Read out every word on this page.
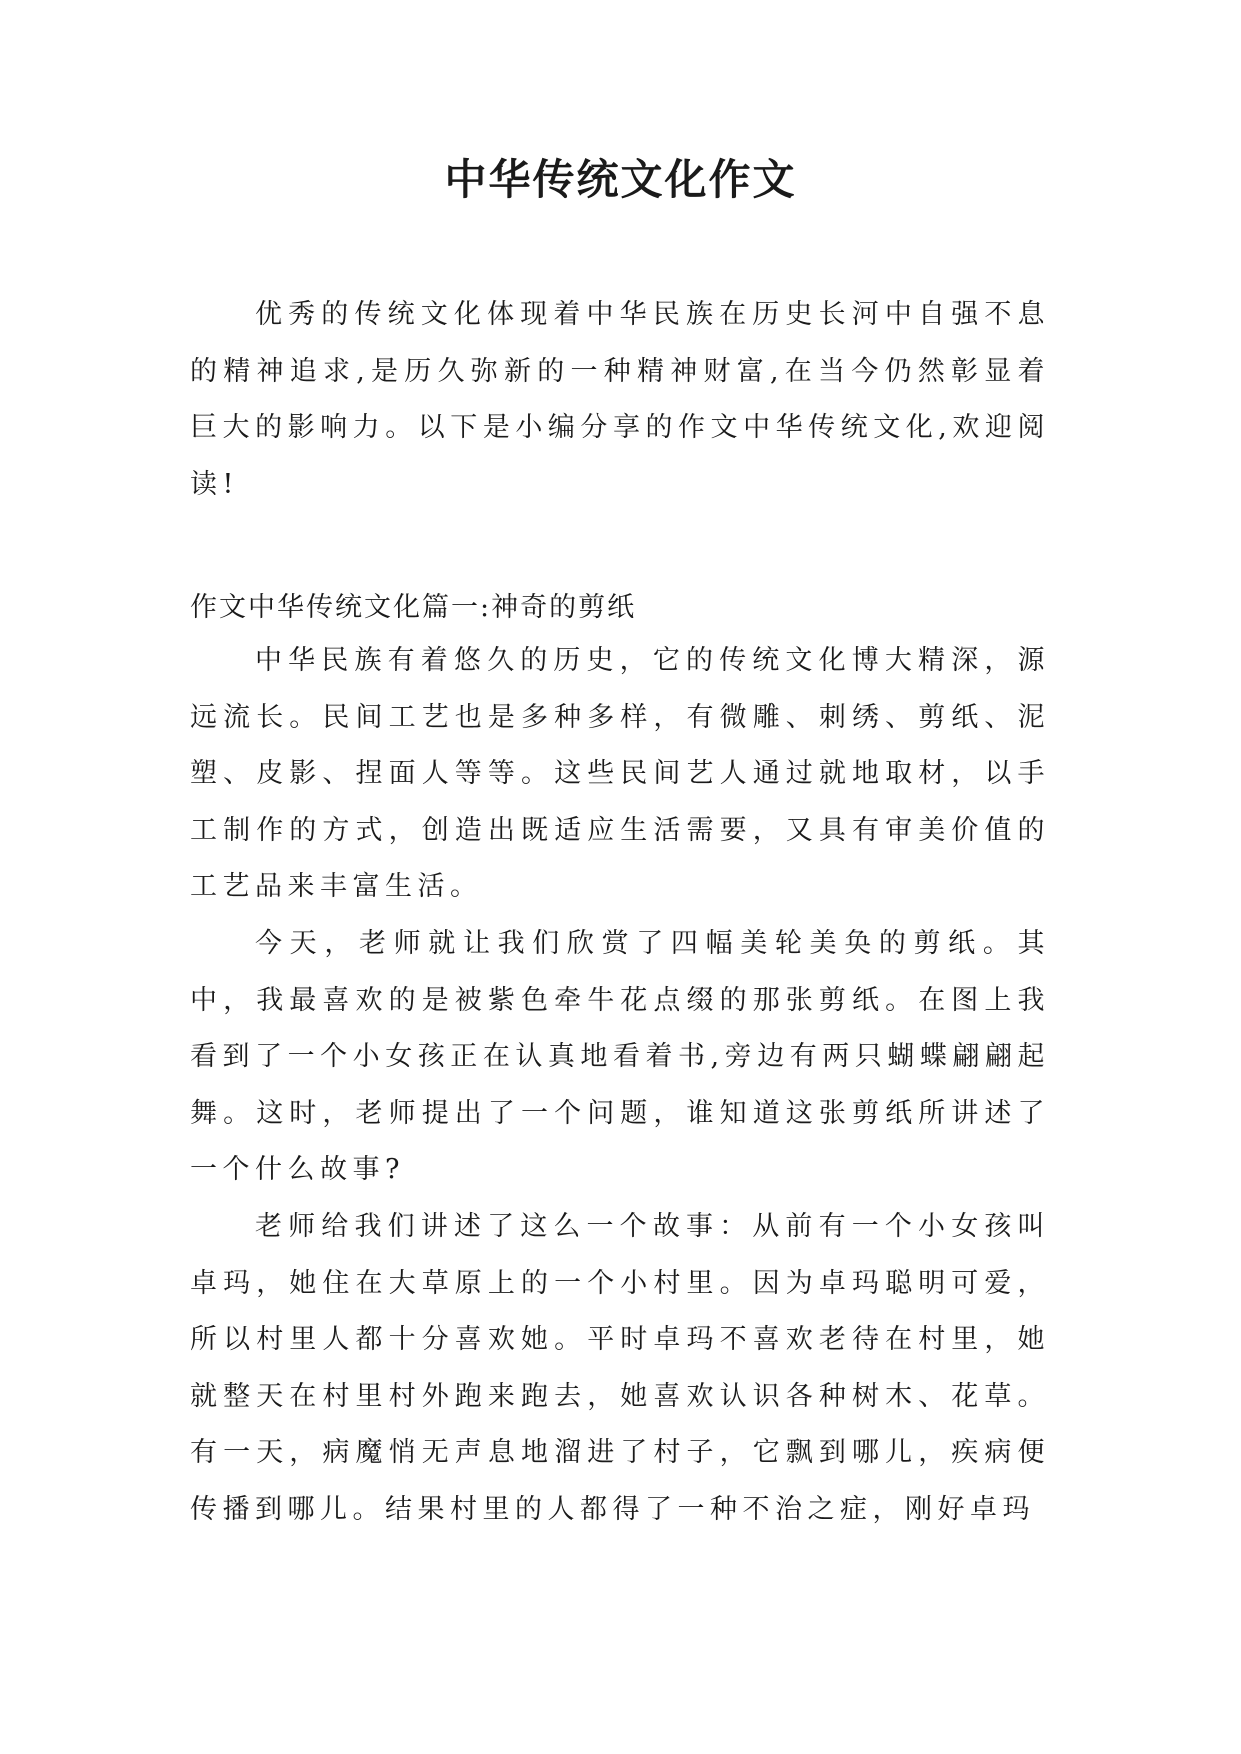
中华传统文化作文

优秀的传统文化体现着中华民族在历史长河中自强不息的精神追求,是历久弥新的一种精神财富,在当今仍然彰显着巨大的影响力。以下是小编分享的作文中华传统文化,欢迎阅读!

作文中华传统文化篇一:神奇的剪纸

中华民族有着悠久的历史，它的传统文化博大精深，源远流长。民间工艺也是多种多样，有微雕、刺绣、剪纸、泥塑、皮影、捏面人等等。这些民间艺人通过就地取材，以手工制作的方式，创造出既适应生活需要，又具有审美价值的工艺品来丰富生活。

今天，老师就让我们欣赏了四幅美轮美奂的剪纸。其中，我最喜欢的是被紫色牵牛花点缀的那张剪纸。在图上我看到了一个小女孩正在认真地看着书,旁边有两只蝴蝶翩翩起舞。这时，老师提出了一个问题，谁知道这张剪纸所讲述了一个什么故事?

老师给我们讲述了这么一个故事：从前有一个小女孩叫卓玛，她住在大草原上的一个小村里。因为卓玛聪明可爱，所以村里人都十分喜欢她。平时卓玛不喜欢老待在村里，她就整天在村里村外跑来跑去，她喜欢认识各种树木、花草。有一天，病魔悄无声息地溜进了村子，它飘到哪儿，疾病便传播到哪儿。结果村里的人都得了一种不治之症，刚好卓玛
